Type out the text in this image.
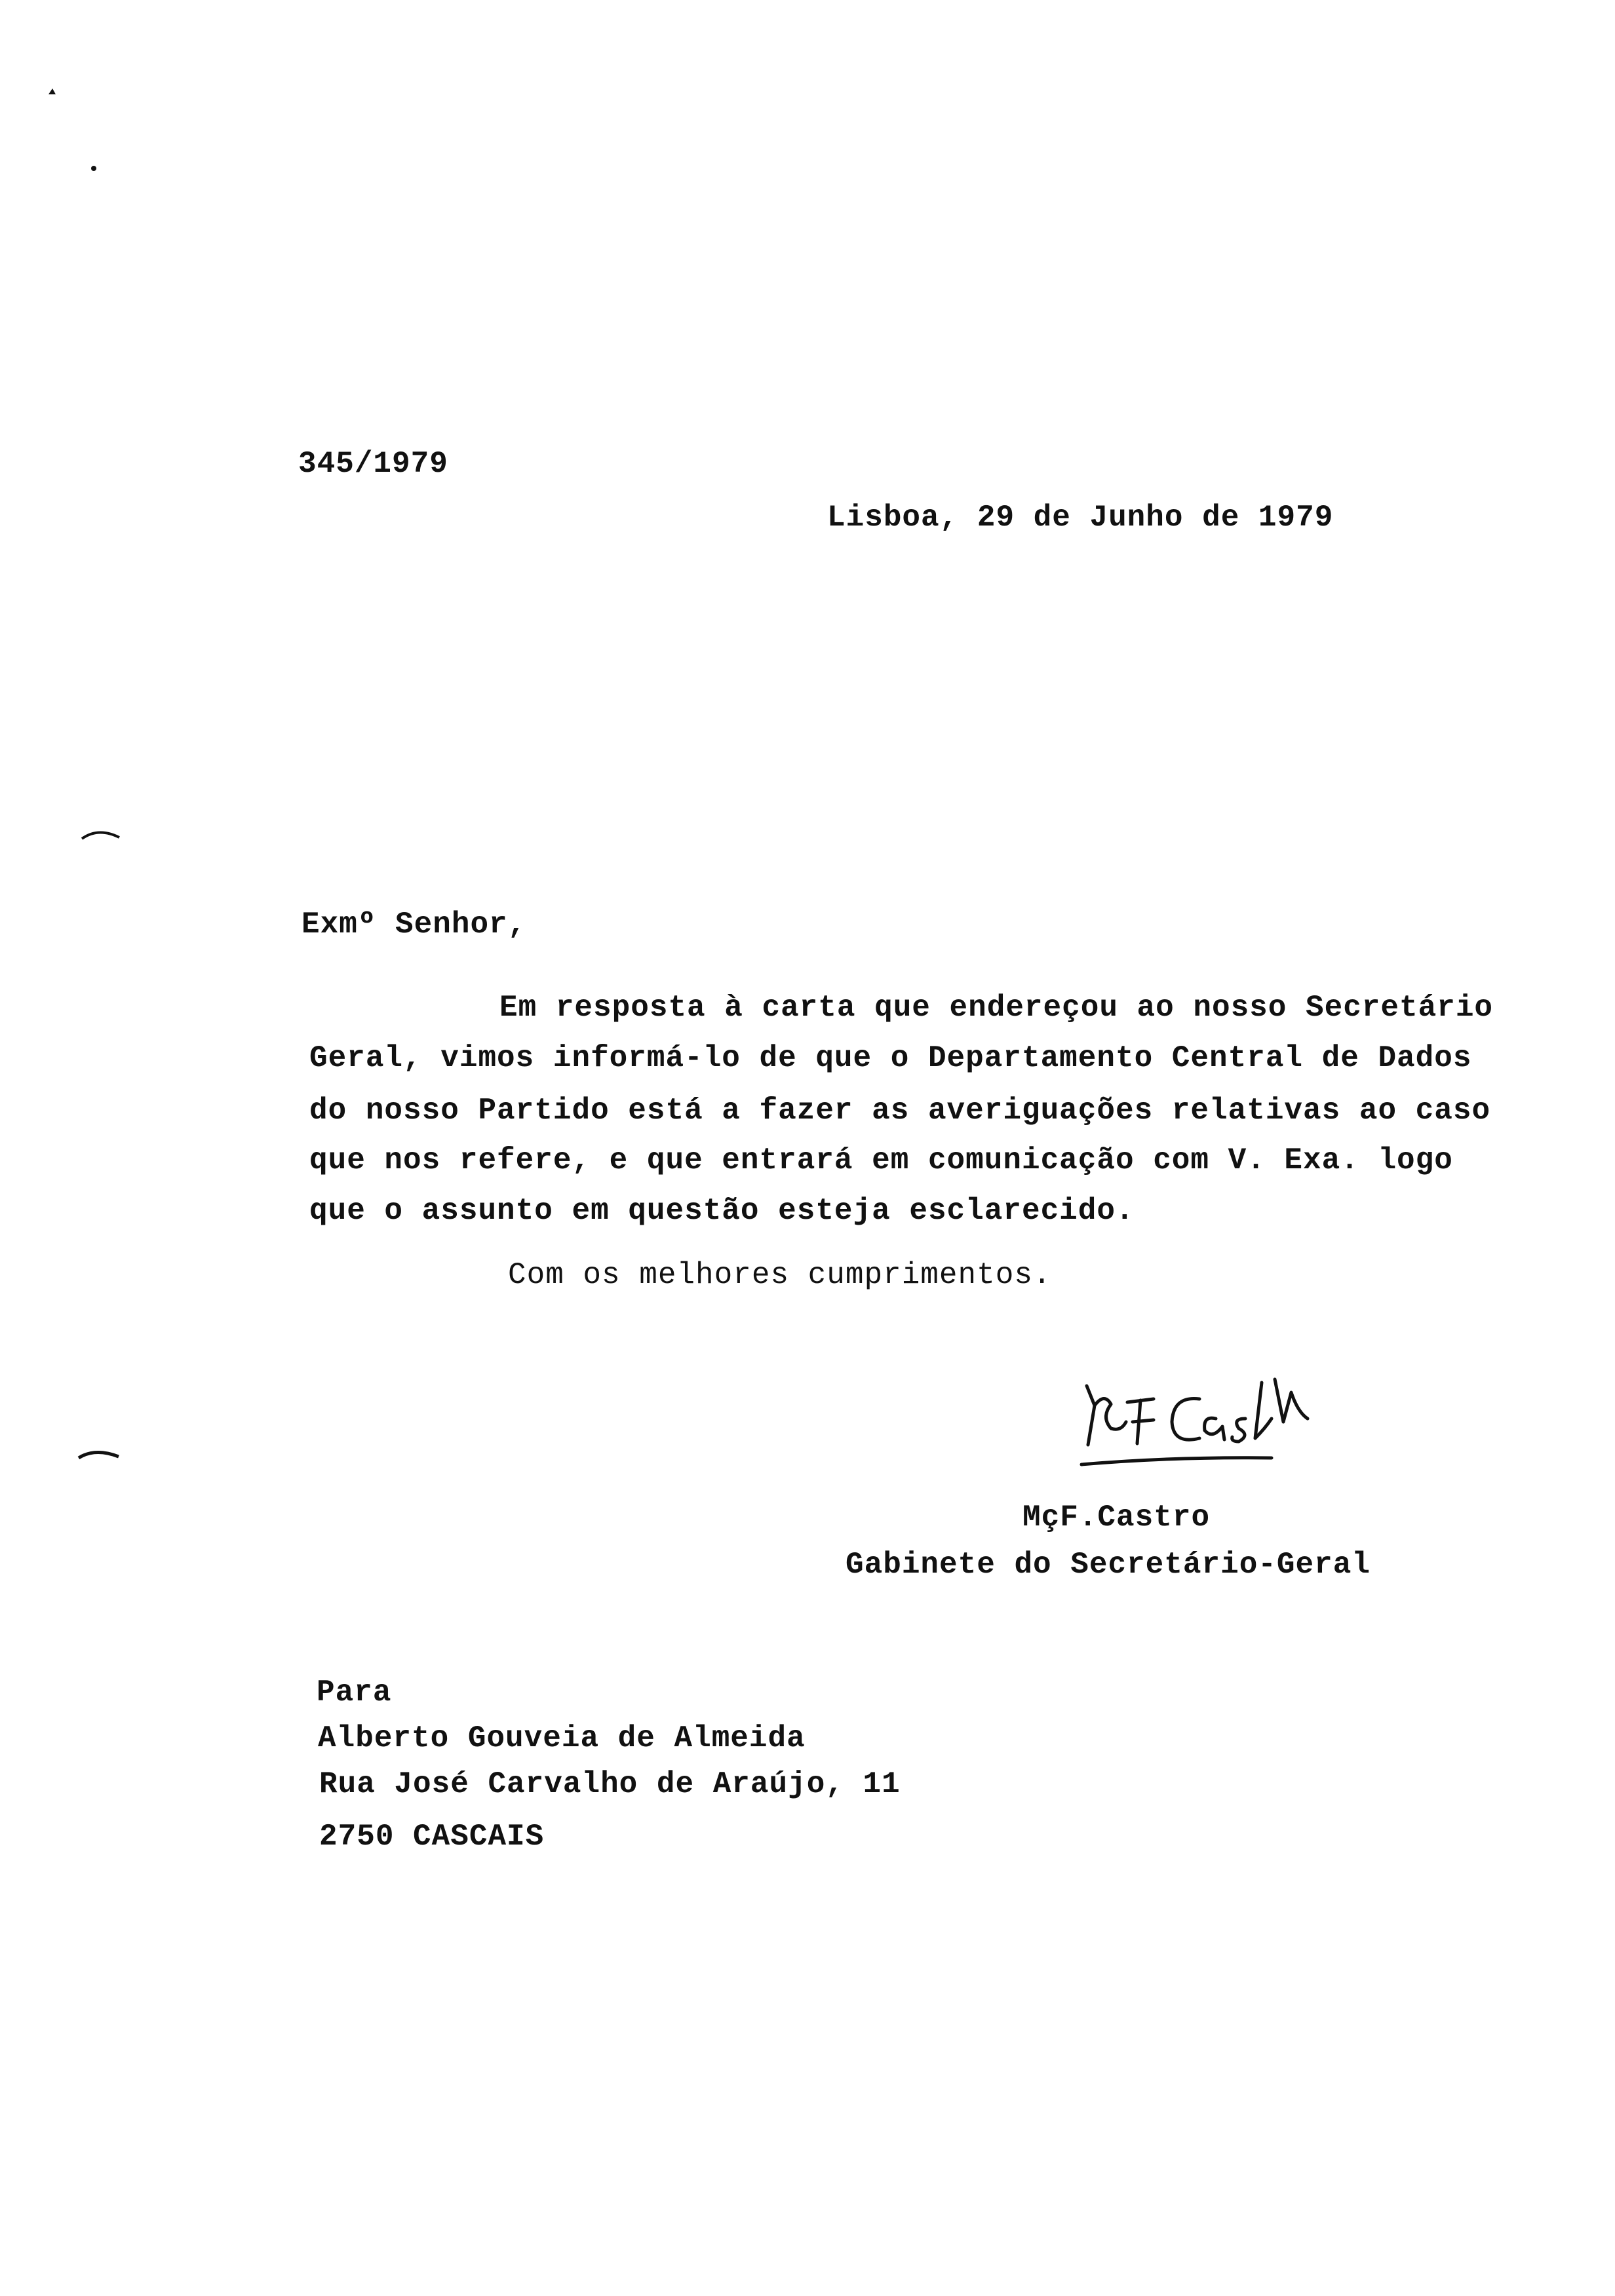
345/1979
Lisboa, 29 de Junho de 1979
Exmº Senhor,
Em resposta à carta que endereçou ao nosso Secretário
Geral, vimos informá-lo de que o Departamento Central de Dados
do nosso Partido está a fazer as averiguações relativas ao caso
que nos refere, e que entrará em comunicação com V. Exa. logo
que o assunto em questão esteja esclarecido.
Com os melhores cumprimentos.
MçF.Castro
Gabinete do Secretário-Geral
Para
Alberto Gouveia de Almeida
Rua José Carvalho de Araújo, 11
2750 CASCAIS
